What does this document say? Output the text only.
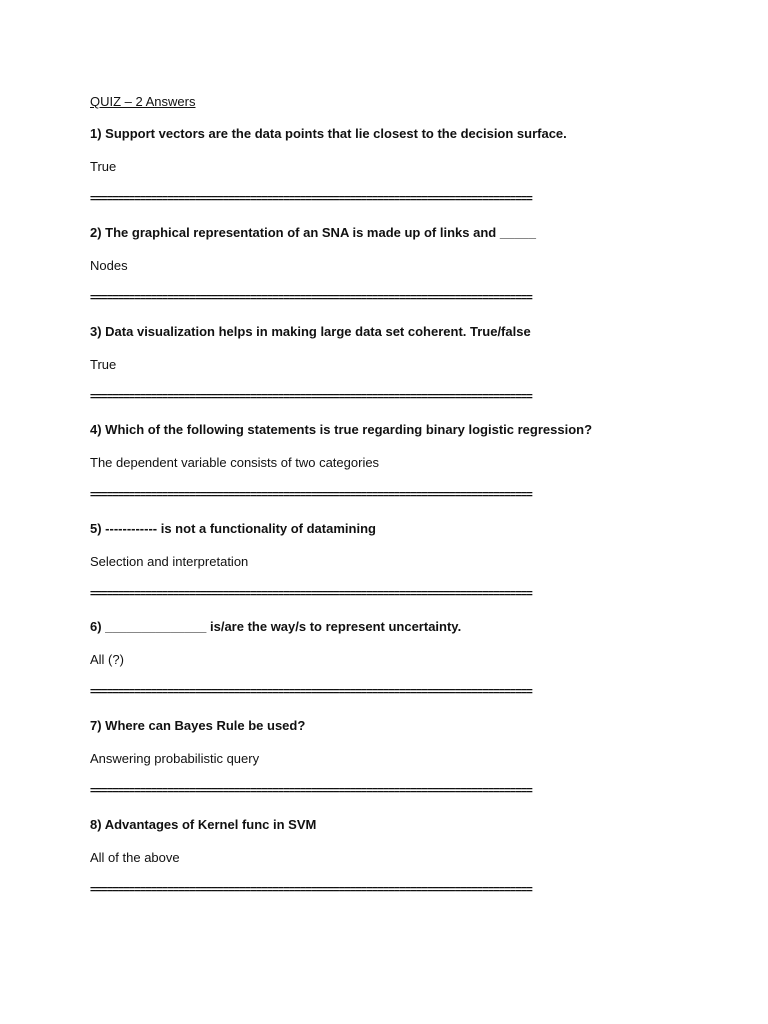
QUIZ – 2 Answers
1) Support vectors are the data points that lie closest to the decision surface.
True
================================================================================
2) The graphical representation of an SNA is made up of links and _____
Nodes
================================================================================
3) Data visualization helps in making large data set coherent. True/false
True
================================================================================
4) Which of the following statements is true regarding binary logistic regression?
The dependent variable consists of two categories
================================================================================
5) ------------ is not a functionality of datamining
Selection and interpretation
================================================================================
6) ______________ is/are the way/s to represent uncertainty.
All (?)
================================================================================
7) Where can Bayes Rule be used?
Answering probabilistic query
================================================================================
8) Advantages of Kernel func in SVM
All of the above
================================================================================
